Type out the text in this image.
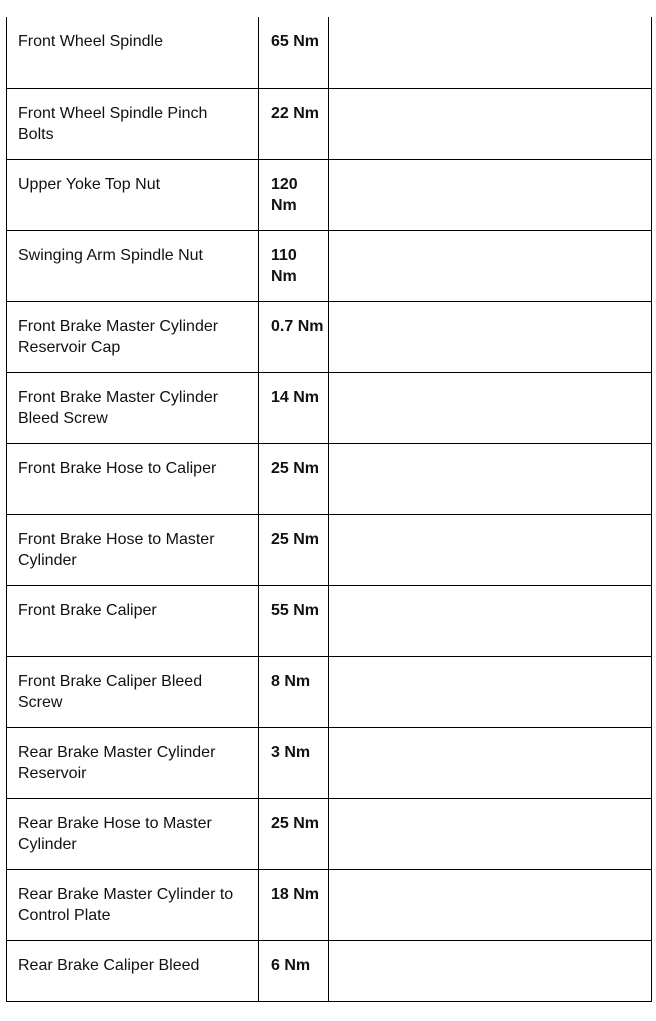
Front Wheel Spindle	65 Nm	
Front Wheel Spindle Pinch Bolts	22 Nm	
Upper Yoke Top Nut	120 Nm	
Swinging Arm Spindle Nut	110 Nm	
Front Brake Master Cylinder Reservoir Cap	0.7 Nm	
Front Brake Master Cylinder Bleed Screw	14 Nm	
Front Brake Hose to Caliper	25 Nm	
Front Brake Hose to Master Cylinder	25 Nm	
Front Brake Caliper	55 Nm	
Front Brake Caliper Bleed Screw	8 Nm	
Rear Brake Master Cylinder Reservoir	3 Nm	
Rear Brake Hose to Master Cylinder	25 Nm	
Rear Brake Master Cylinder to Control Plate	18 Nm	
Rear Brake Caliper Bleed	6 Nm	
